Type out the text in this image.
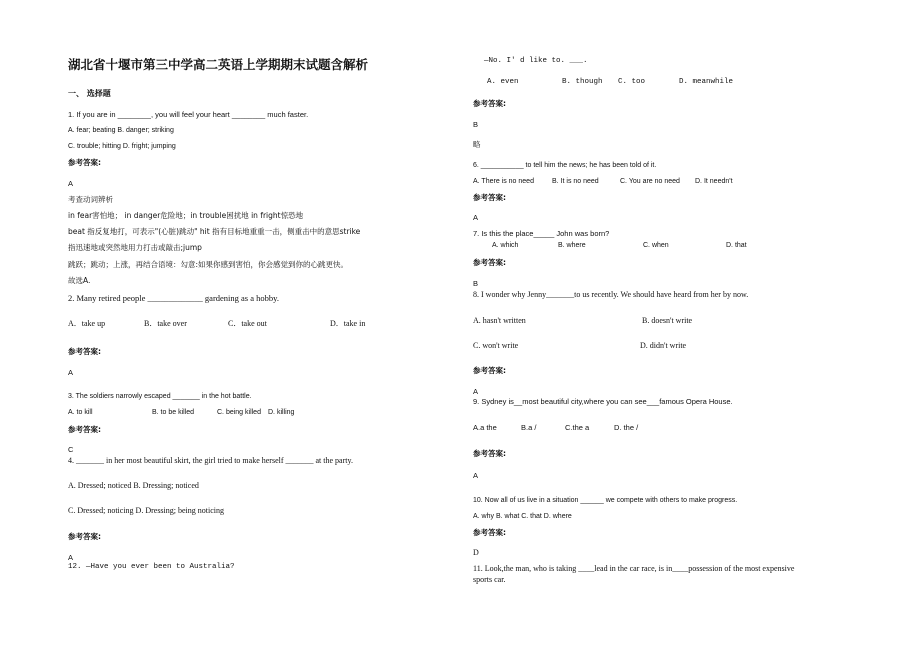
湖北省十堰市第三中学高二英语上学期期末试题含解析
一、 选择题
1. If you are in ________, you will feel your heart ________ much faster.
A. fear; beating B. danger; striking
C. trouble; hitting D. fright; jumping
参考答案:
A
考查动词辨析
in fear害怕地； in danger危险地；in trouble困扰地 in fright惊恐地
beat 指反复地打，可表示"(心脏)跳动" hit 指有目标地重重一击，侧重击中的意思strike
指迅速地或突然地用力打击或敲击;jump
跳跃；跳动；上涨，再结合语境：勾意:如果你感到害怕，你会感觉到你的心跳更快。
故选A.
2. Many retired people _____________ gardening as a hobby.
A．take up	B．take over	C．take out	D．take in
参考答案:
A
3. The soldiers narrowly escaped _______ in the hot battle.
A. to kill	B. to be killed	C. being killed D. killing
参考答案:
C
4. _______ in her most beautiful skirt, the girl tried to make herself _______ at the party.
A. Dressed; noticed B. Dressing; noticed
C. Dressed; noticing D. Dressing; being noticing
参考答案:
A
12. —Have you ever been to Australia?
—No. I' d like to. ___.
A. even	B. though C. too	D. meanwhile
参考答案:
B
略
6. ___________ to tell him the news; he has been told of it.
A. There is no need	B. It is no need	C. You are no need D. It needn't
参考答案:
A
7. Is this the place_____ John was born?
A. which	B. where	C. when	D. that
参考答案:
B
8. I wonder why Jenny_______to us recently. We should have heard from her by now.
A. hasn't written	B. doesn't write
C. won't write	D. didn't write
参考答案:
A
9. Sydney is__most beautiful city,where you can see___famous Opera House.
A.a the	B.a /	C.the a	D. the /
参考答案:
A
10. Now all of us live in a situation ______ we compete with others to make progress.
A. why B. what C. that D. where
参考答案:
D
11. Look,the man, who is taking ____lead in the car race, is in____possession of the most expensive
sports car.
